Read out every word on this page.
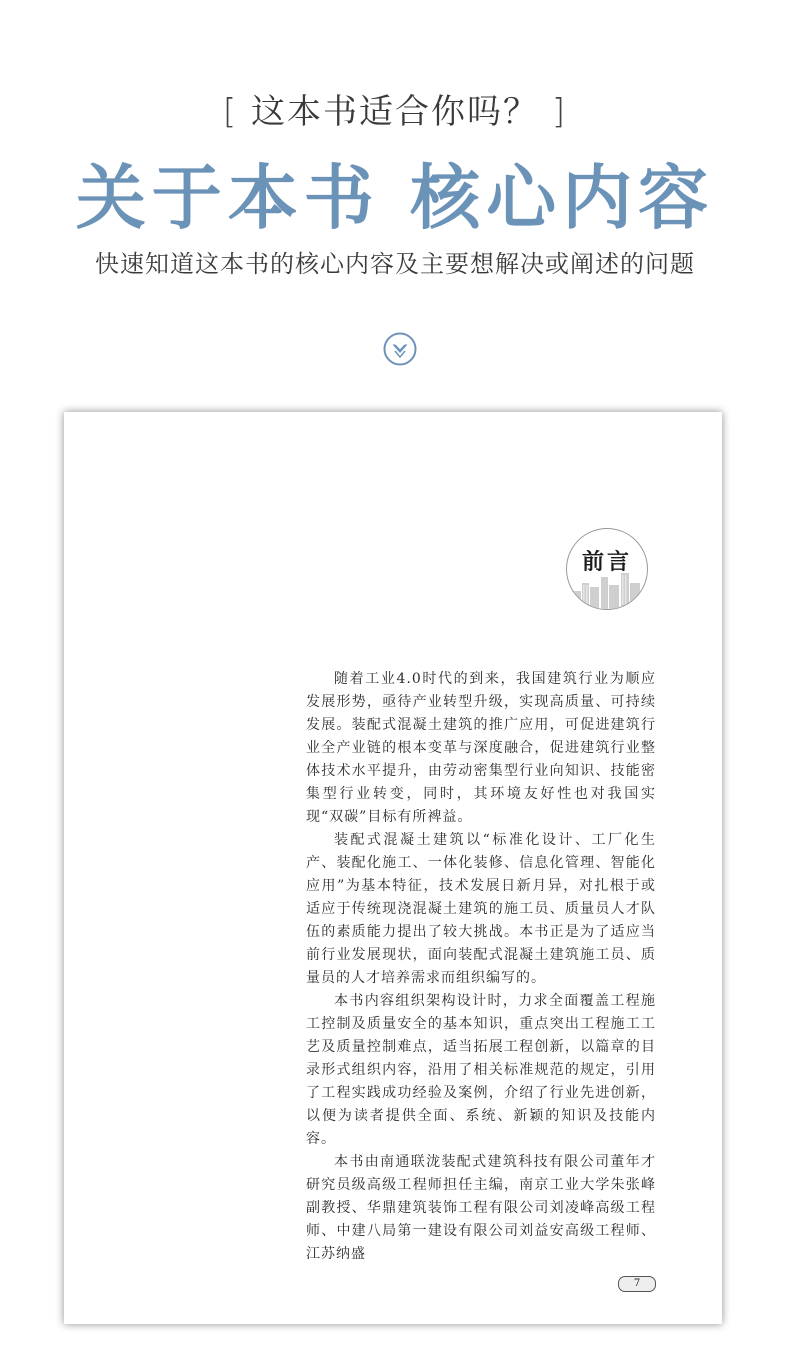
[ 这本书适合你吗？ ]
关于本书 核心内容
快速知道这本书的核心内容及主要想解决或阐述的问题
前言

随着工业4.0时代的到来，我国建筑行业为顺应发展形势，亟待产业转型升级，实现高质量、可持续发展。装配式混凝土建筑的推广应用，可促进建筑行业全产业链的根本变革与深度融合，促进建筑行业整体技术水平提升，由劳动密集型行业向知识、技能密集型行业转变，同时，其环境友好性也对我国实现“双碳”目标有所裨益。

装配式混凝土建筑以“标准化设计、工厂化生产、装配化施工、一体化装修、信息化管理、智能化应用”为基本特征，技术发展日新月异，对扎根于或适应于传统现浇混凝土建筑的施工员、质量员人才队伍的素质能力提出了较大挑战。本书正是为了适应当前行业发展现状，面向装配式混凝土建筑施工员、质量员的人才培养需求而组织编写的。

本书内容组织架构设计时，力求全面覆盖工程施工控制及质量安全的基本知识，重点突出工程施工工艺及质量控制难点，适当拓展工程创新，以篇章的目录形式组织内容，沿用了相关标准规范的规定，引用了工程实践成功经验及案例，介绍了行业先进创新，以便为读者提供全面、系统、新颖的知识及技能内容。

本书由南通联泷装配式建筑科技有限公司董年才研究员级高级工程师担任主编，南京工业大学朱张峰副教授、华鼎建筑装饰工程有限公司刘凌峰高级工程师、中建八局第一建设有限公司刘益安高级工程师、江苏纳盛

7
